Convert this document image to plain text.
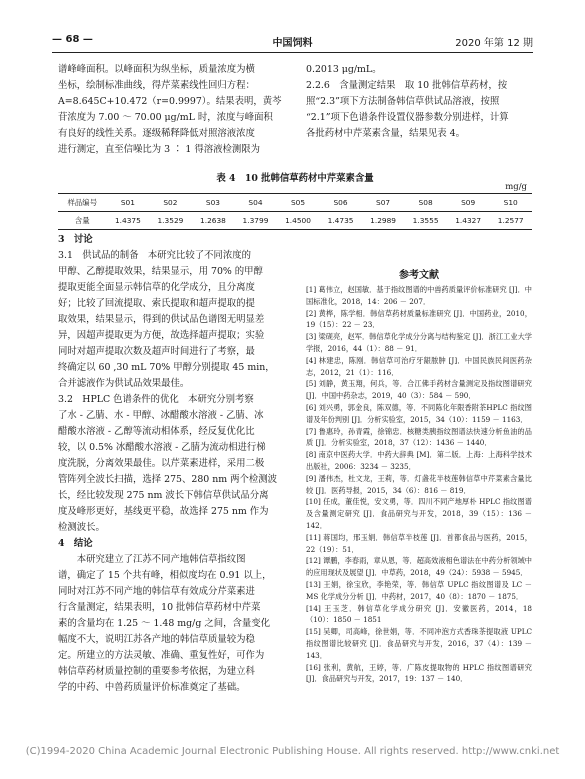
— 68 —	中国饲料	2020 年第 12 期

谱峰峰面积。以峰面积为纵坐标，质量浓度为横

坐标，绘制标准曲线，得芹菜素线性回归方程：

A=8.645C+10.472（r=0.9997）。结果表明，黄芩

苷浓度为 7.00 ～ 70.00 μg/mL 时，浓度与峰面积

有良好的线性关系。逐级稀释降低对照溶液浓度

进行测定，直至信噪比为 3 ∶ 1 得溶液检测限为

0.2013 μg/mL。

2.2.6　含量测定结果　取 10 批韩信草药材，按

照“2.3”项下方法制备韩信草供试品溶液，按照

“2.1”项下色谱条件设置仪器参数分别进样，计算

各批药材中芹菜素含量，结果见表 4。

表 4　10 批韩信草药材中芹菜素含量
mg/g
样品编号	S01	S02	S03	S04	S05	S06	S07	S08	S09	S10
含量	1.4375	1.3529	1.2638	1.3799	1.4500	1.4735	1.2989	1.3555	1.4327	1.2577

3　讨论

3.1　供试品的制备　本研究比较了不同浓度的

甲醇、乙醇提取效果，结果显示，用 70% 的甲醇

提取更能全面显示韩信草的化学成分，且分离度

好；比较了回流提取、索氏提取和超声提取的提

取效果，结果显示，得到的供试品色谱图无明显差

异，因超声提取更为方便，故选择超声提取；实验

同时对超声提取次数及超声时间进行了考察，最

终确定以 60 ,30 mL 70% 甲醇分别提取 45 min，

合并滤液作为供试品效果最佳。

3.2　HPLC 色谱条件的优化　本研究分别考察

了水 - 乙腈、水 - 甲醇、冰醋酸水溶液 - 乙腈、冰

醋酸水溶液 - 乙醇等流动相体系，经反复优化比

较，以 0.5% 冰醋酸水溶液 - 乙腈为流动相进行梯

度洗脱，分离效果最佳。以芹菜素进样，采用二极

管阵列全波长扫描，选择 275、280 nm 两个检测波

长，经比较发现 275 nm 波长下韩信草供试品分离

度及峰形更好，基线更平稳，故选择 275 nm 作为

检测波长。

4　结论

　　本研究建立了江苏不同产地韩信草指纹图

谱，确定了 15 个共有峰，相似度均在 0.91 以上，

同时对江苏不同产地的韩信草有效成分芹菜素进

行含量测定，结果表明，10 批韩信草药材中芹菜

素的含量均在 1.25 ～ 1.48 mg/g 之间，含量变化

幅度不大，说明江苏各产地的韩信草质量较为稳

定。所建立的方法灵敏、准确、重复性好，可作为

韩信草药材质量控制的重要参考依据，为建立科

学的中药、中兽药质量评价标准奠定了基础。

参考文献
[1] 葛伟立，赵国敏．基于指纹图谱的中兽药质量评价标准研究 [J]．中国标准化，2018，14：206 － 207．
[2] 黄桦，陈学相．韩信草药材质量标准研究 [J]．中国药业，2010，19（15）：22 － 23．
[3] 梁砚亮，赵军．韩信草化学成分分离与结构鉴定 [J]．浙江工业大学学报，2016，44（1）：88 － 91．
[4] 林建忠，陈刚．韩信草可治疗牙龈脓肿 [J]．中国民族民间医药杂志，2012，21（1）：116．
[5] 刘静，黄玉翔，何兵，等．合江佛手药材含量测定及指纹图谱研究 [J]．中国中药杂志，2019，40（3）：584 － 590．
[6] 刘兴勇，郭金良，陈双德，等．不同陈化年限香附茶HPLC 指纹图谱及年份判别 [J]．分析实验室，2015，34（10）：1159 － 1163．
[7] 鲁惠玲，孙青霞，徐锦忠．核糖类胰指纹图谱法快速分析鱼油的品质 [J]．分析实验室，2018，37（12）：1436 － 1440．
[8] 南京中医药大学．中药大辞典 [M]．第二版．上海：上海科学技术出版社，2006：3234 － 3235．
[9] 潘伟杰，杜文龙，王莉，等．灯盏花半枝莲韩信草中芹菜素含量比较 [J]．医药导报，2015，34（6）：816 － 819．
[10] 任成，董佳悦，安文勇，等．四川不同产地厚朴 HPLC 指纹图谱及含量测定研究 [J]．食品研究与开发，2018，39（15）：136 － 142．
[11] 蒋国均，邢玉娟．韩信草半枝莲 [J]．首都食品与医药，2015，22（19）：51．
[12] 谭鹏，李春雨，章从恩，等．超高效液相色谱法在中药分析领域中的应用现状及展望 [J]．中草药，2018，49（24）：5938 － 5945．
[13] 王娟，徐宝欣，李艳荣，等．韩信草 UPLC 指纹图谱及 LC － MS 化学成分分析 [J]．中药材，2017，40（8）：1870 － 1875．
[14] 王玉芝．韩信草化学成分研究 [J]．安徽医药，2014，18（10）：1850 － 1851
[15] 吴卿，司高峰，徐世娟，等．不同冲泡方式香珠茶提取液 UPLC 指纹图谱比较研究 [J]．食品研究与开发，2016，37（4）：139 － 143．
[16] 张利，黄航，王婷，等．广陈皮提取物的 HPLC 指纹图谱研究 [J]．食品研究与开发，2017，19：137 － 140．
(C)1994-2020 China Academic Journal Electronic Publishing House. All rights reserved. http://www.cnki.net
